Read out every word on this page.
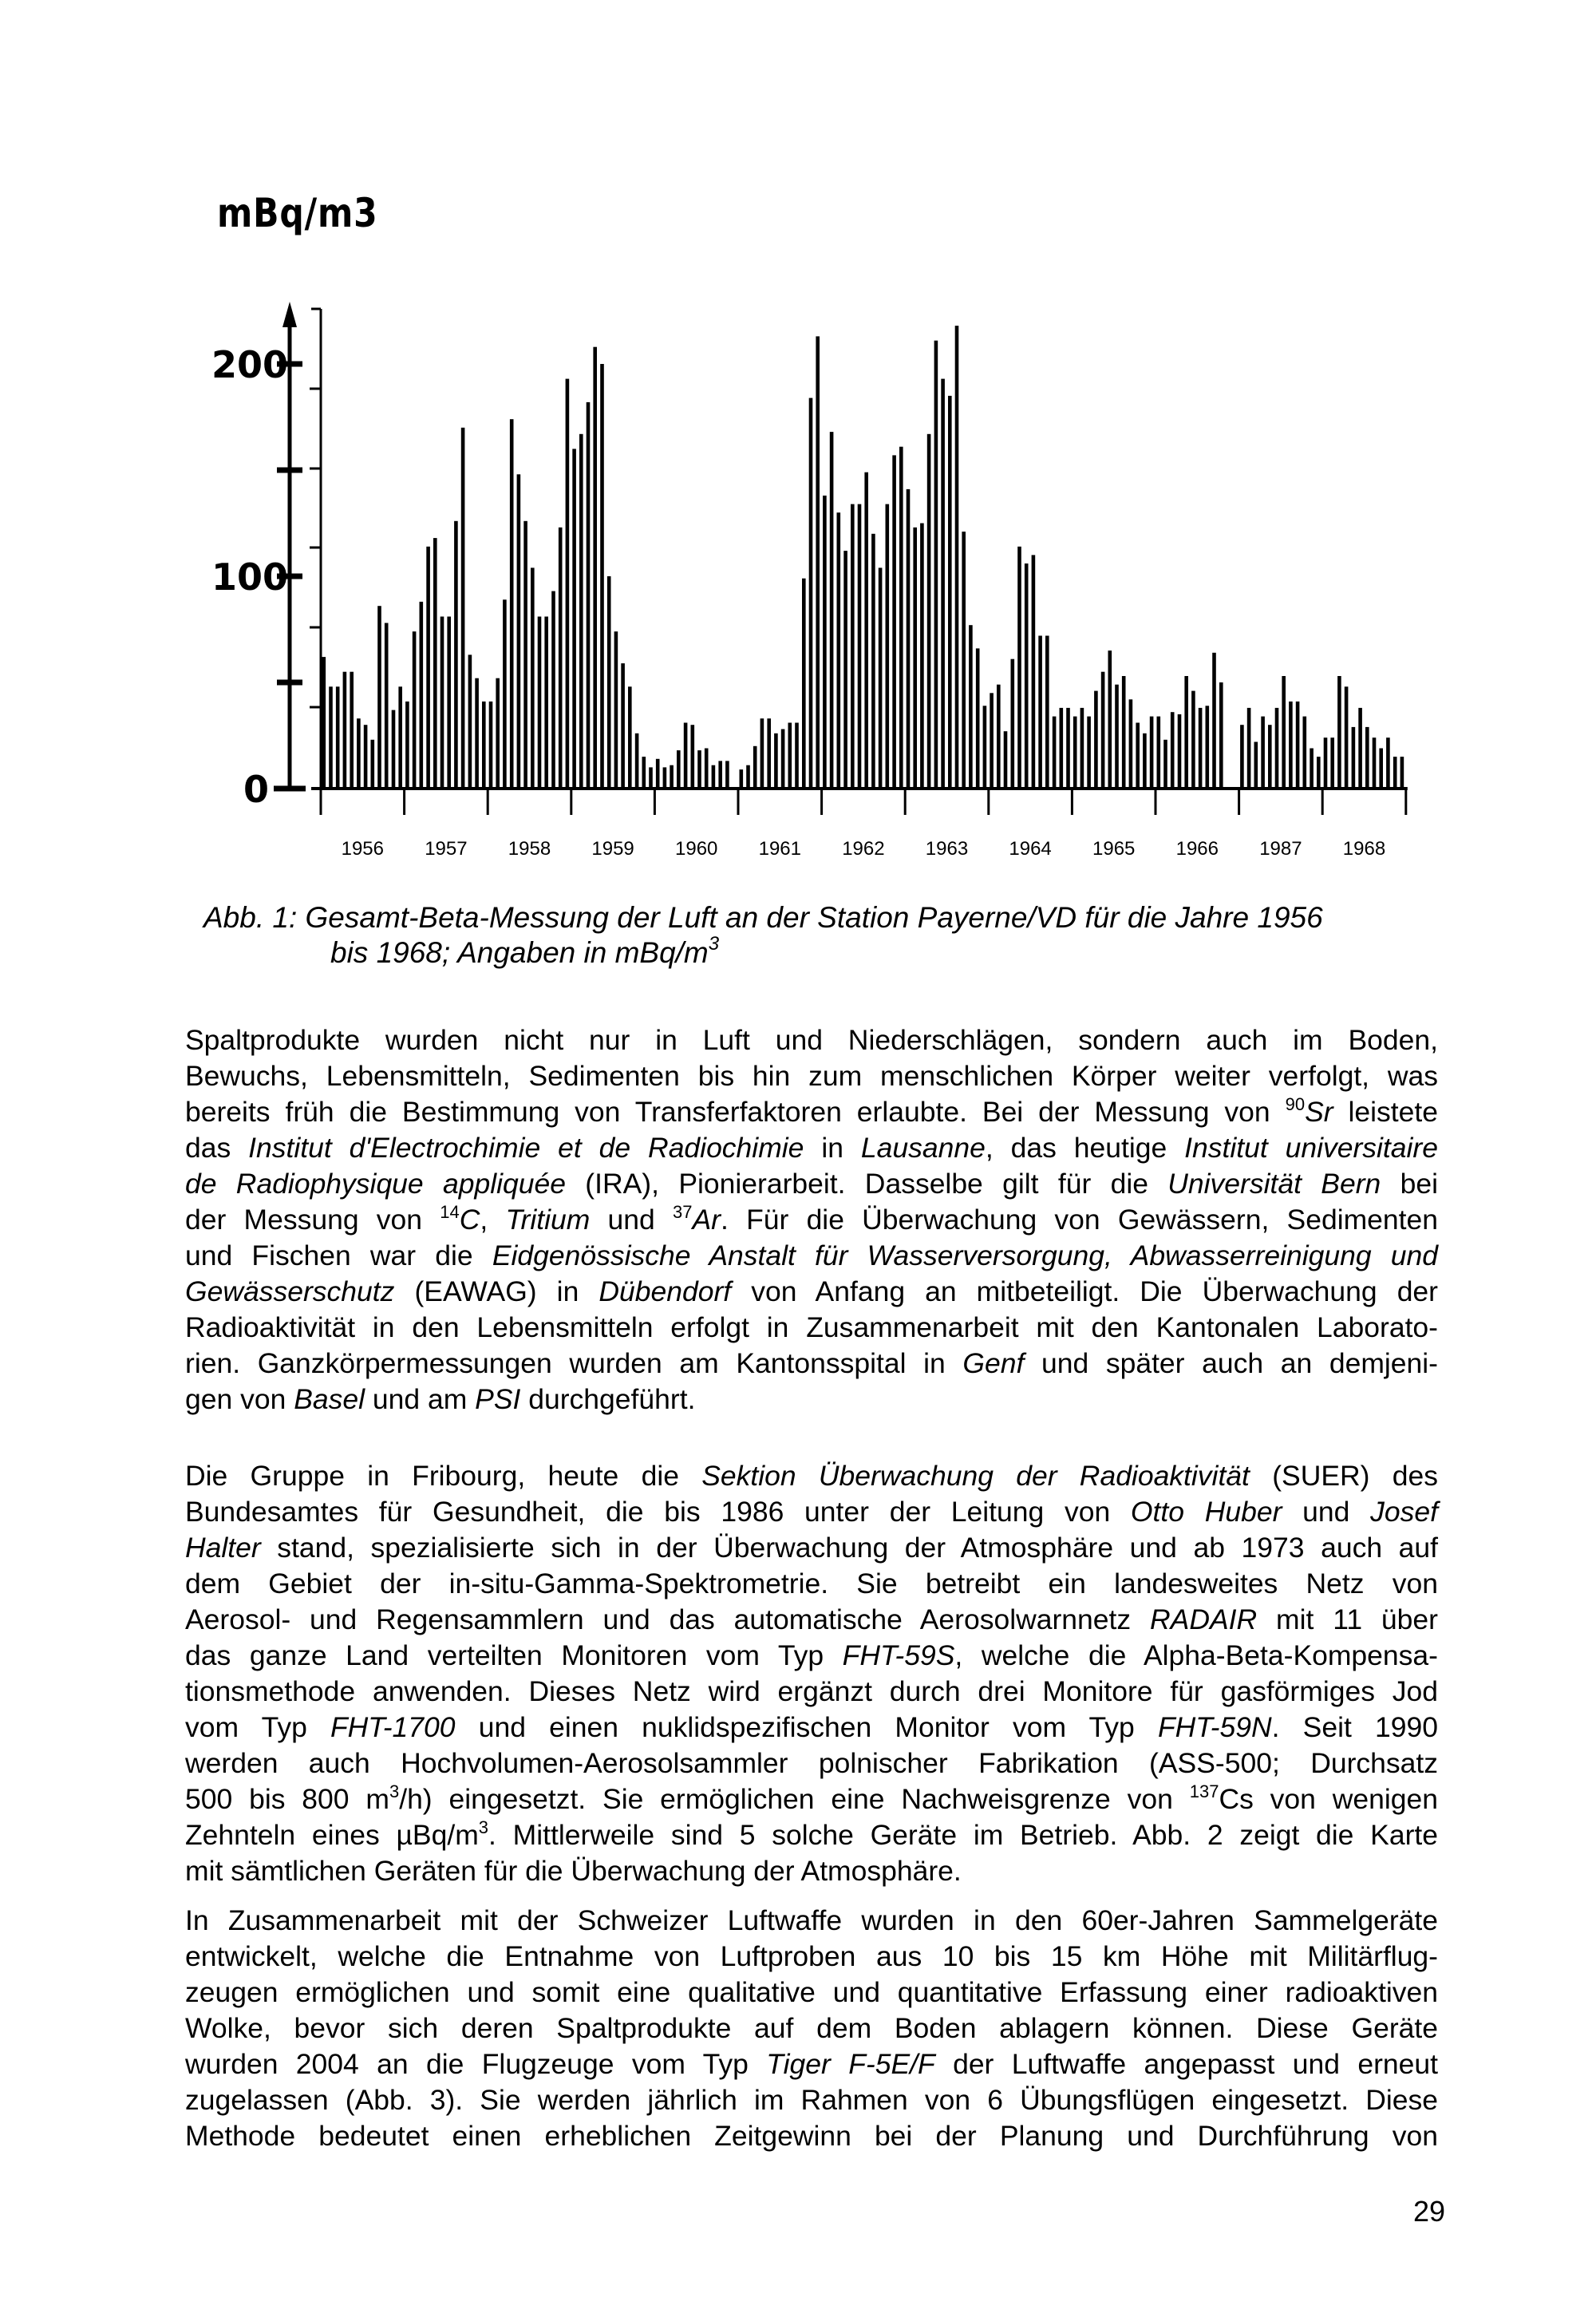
mBq/m3
200
100
0
1956 1957 1958 1959 1960 1961 1962 1963 1964 1965 1966 1987 1968
Abb. 1: Gesamt-Beta-Messung der Luft an der Station Payerne/VD für die Jahre 1956
bis 1968; Angaben in mBq/$m^3$
Spaltprodukte wurden nicht nur in Luft und Niederschlägen, sondern auch im Boden,
Bewuchs, Lebensmitteln, Sedimenten bis hin zum menschlichen Körper weiter verfolgt, was
bereits früh die Bestimmung von Transferfaktoren erlaubte. Bei der Messung von $^{90}$Sr leistete
das Institut d'Electrochimie et de Radiochimie in Lausanne, das heutige Institut universitaire
de Radiophysique appliquée (IRA), Pionierarbeit. Dasselbe gilt für die Universität Bern bei
der Messung von $^{14}$C, Tritium und $^{37}$Ar. Für die Überwachung von Gewässern, Sedimenten
und Fischen war die Eidgenössische Anstalt für Wasserversorgung, Abwasserreinigung und
Gewässerschutz (EAWAG) in Dübendorf von Anfang an mitbeteiligt. Die Überwachung der
Radioaktivität in den Lebensmitteln erfolgt in Zusammenarbeit mit den Kantonalen Laborato-
rien. Ganzkörpermessungen wurden am Kantonsspital in Genf und später auch an demjeni-
gen von Basel und am PSI durchgeführt.
Die Gruppe in Fribourg, heute die Sektion Überwachung der Radioaktivität (SUER) des
Bundesamtes für Gesundheit, die bis 1986 unter der Leitung von Otto Huber und Josef
Halter stand, spezialisierte sich in der Überwachung der Atmosphäre und ab 1973 auch auf
dem Gebiet der in-situ-Gamma-Spektrometrie. Sie betreibt ein landesweites Netz von
Aerosol- und Regensammlern und das automatische Aerosolwarnnetz RADAIR mit 11 über
das ganze Land verteilten Monitoren vom Typ FHT-59S, welche die Alpha-Beta-Kompensa-
tionsmethode anwenden. Dieses Netz wird ergänzt durch drei Monitore für gasförmiges Jod
vom Typ FHT-1700 und einen nuklidspezifischen Monitor vom Typ FHT-59N. Seit 1990
werden auch Hochvolumen-Aerosolsammler polnischer Fabrikation (ASS-500; Durchsatz
500 bis 800 $m^3/h$) eingesetzt. Sie ermöglichen eine Nachweisgrenze von $^{137}$Cs von wenigen
Zehnteln eines µBq/$m^3$. Mittlerweile sind 5 solche Geräte im Betrieb. Abb. 2 zeigt die Karte
mit sämtlichen Geräten für die Überwachung der Atmosphäre.
In Zusammenarbeit mit der Schweizer Luftwaffe wurden in den 60er-Jahren Sammelgeräte
entwickelt, welche die Entnahme von Luftproben aus 10 bis 15 km Höhe mit Militärflug-
zeugen ermöglichen und somit eine qualitative und quantitative Erfassung einer radioaktiven
Wolke, bevor sich deren Spaltprodukte auf dem Boden ablagern können. Diese Geräte
wurden 2004 an die Flugzeuge vom Typ Tiger F-5E/F der Luftwaffe angepasst und erneut
zugelassen (Abb. 3). Sie werden jährlich im Rahmen von 6 Übungsflügen eingesetzt. Diese
Methode bedeutet einen erheblichen Zeitgewinn bei der Planung und Durchführung von
29
